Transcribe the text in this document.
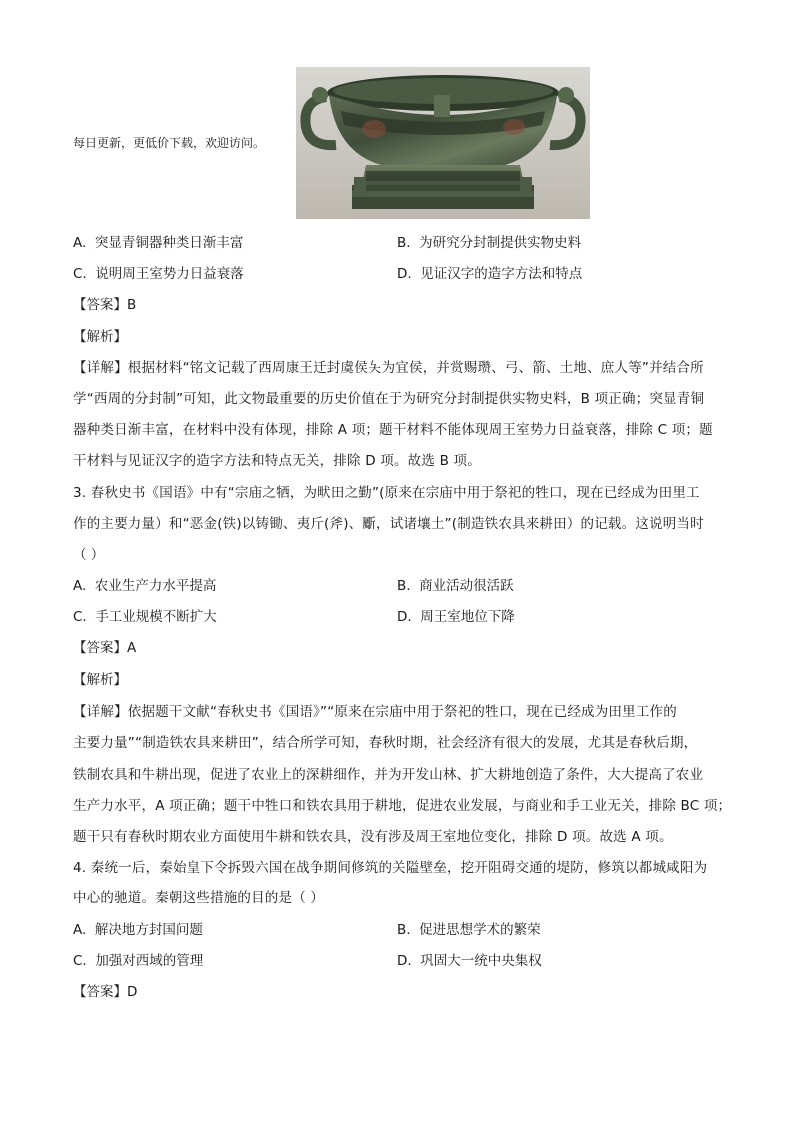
每日更新，更低价下载，欢迎访问。
A. 突显青铜器种类日渐丰富	B. 为研究分封制提供实物史料
C. 说明周王室势力日益衰落	D. 见证汉字的造字方法和特点
【答案】B
【解析】
【详解】根据材料“铭文记载了西周康王迁封虞侯夨为宜侯，并赏赐瓒、弓、箭、土地、庶人等”并结合所
学“西周的分封制”可知，此文物最重要的历史价值在于为研究分封制提供实物史料，B 项正确；突显青铜
器种类日渐丰富，在材料中没有体现，排除 A 项；题干材料不能体现周王室势力日益衰落，排除 C 项；题
干材料与见证汉字的造字方法和特点无关，排除 D 项。故选 B 项。
3. 春秋史书《国语》中有“宗庙之牺，为畎田之勤”(原来在宗庙中用于祭祀的牲口，现在已经成为田里工
作的主要力量）和“恶金(铁)以铸锄、夷斤(斧)、斸，试诸壤土”(制造铁农具来耕田）的记载。这说明当时
（ ）
A. 农业生产力水平提高	B. 商业活动很活跃
C. 手工业规模不断扩大	D. 周王室地位下降
【答案】A
【解析】
【详解】依据题干文献“春秋史书《国语》”“原来在宗庙中用于祭祀的牲口，现在已经成为田里工作的
主要力量”“制造铁农具来耕田”，结合所学可知，春秋时期，社会经济有很大的发展，尤其是春秋后期，
铁制农具和牛耕出现，促进了农业上的深耕细作，并为开发山林、扩大耕地创造了条件，大大提高了农业
生产力水平，A 项正确；题干中牲口和铁农具用于耕地，促进农业发展，与商业和手工业无关，排除 BC 项；
题干只有春秋时期农业方面使用牛耕和铁农具，没有涉及周王室地位变化，排除 D 项。故选 A 项。
4. 秦统一后，秦始皇下令拆毁六国在战争期间修筑的关隘壁垒，挖开阻碍交通的堤防，修筑以都城咸阳为
中心的驰道。秦朝这些措施的目的是（ ）
A. 解决地方封国问题	B. 促进思想学术的繁荣
C. 加强对西域的管理	D. 巩固大一统中央集权
【答案】D
